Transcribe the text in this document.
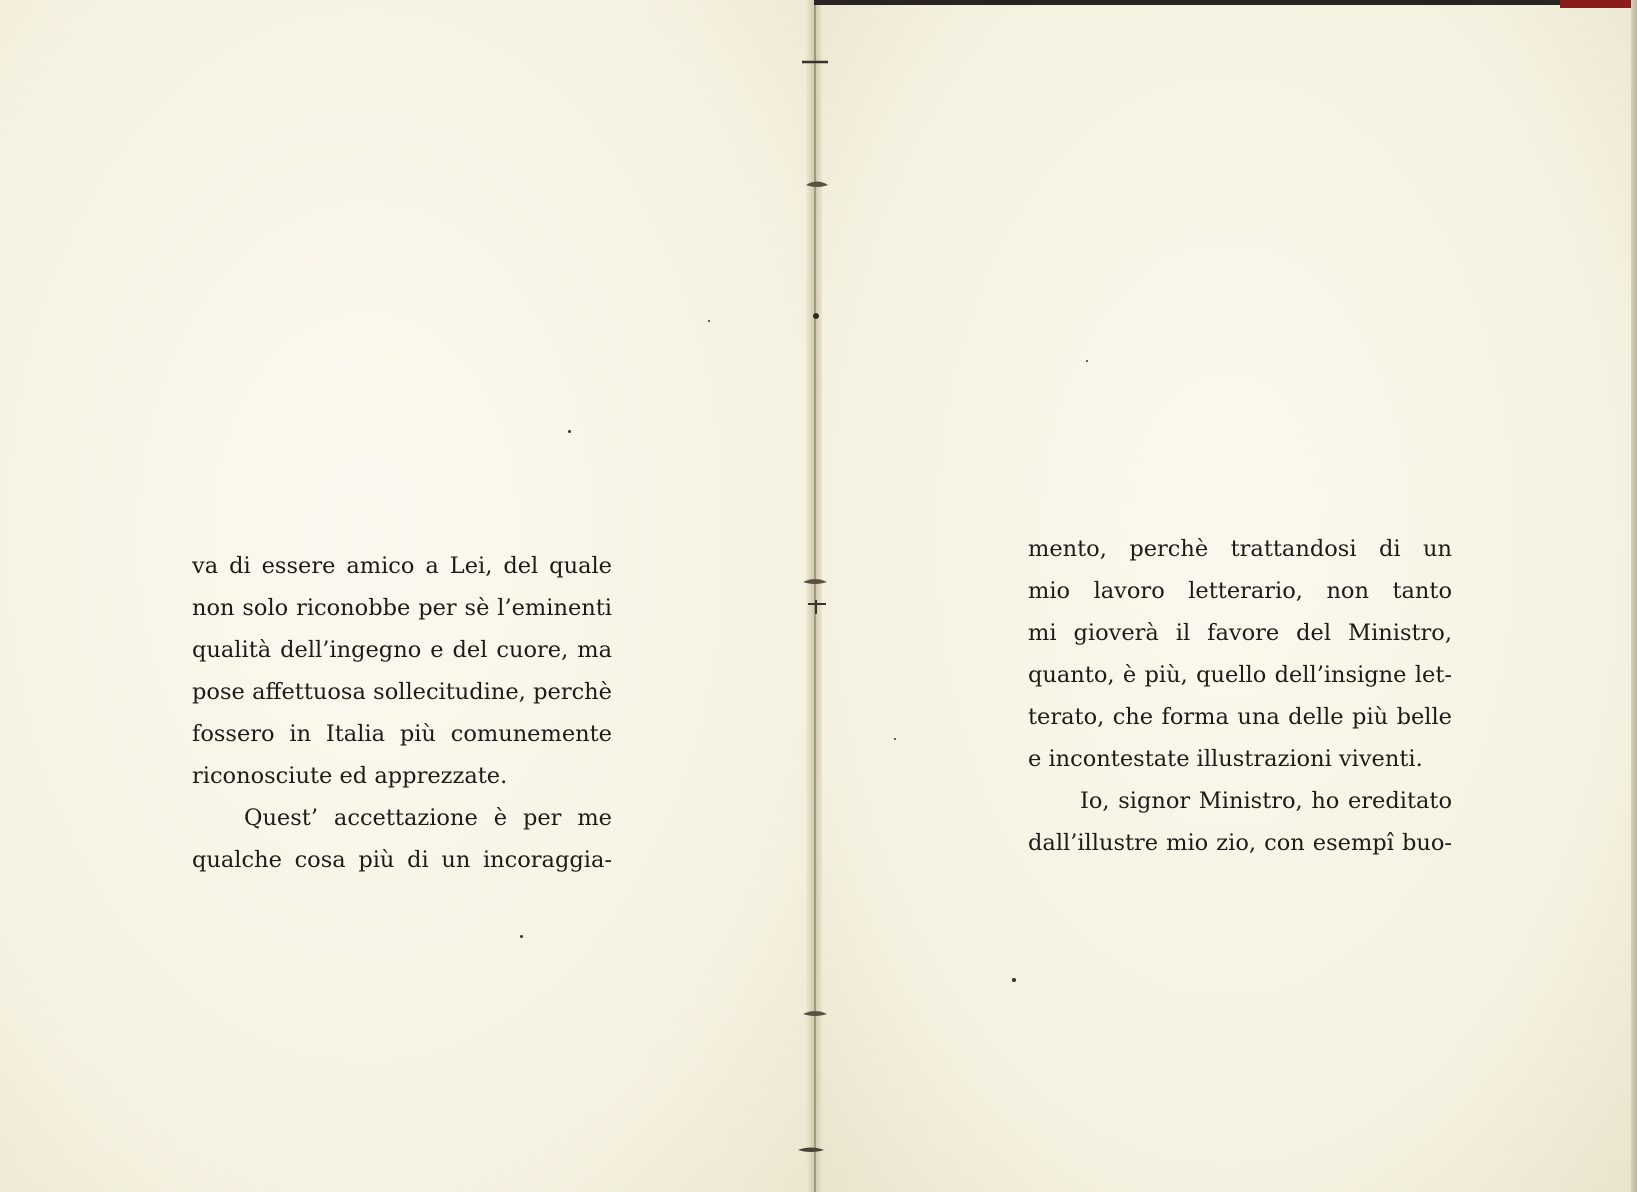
va di essere amico a Lei, del quale
non solo riconobbe per sè l’eminenti
qualità dell’ingegno e del cuore, ma
pose affettuosa sollecitudine, perchè
fossero in Italia più comunemente
riconosciute ed apprezzate.
Quest’ accettazione è per me
qualche cosa più di un incoraggia-
mento, perchè trattandosi di un
mio lavoro letterario, non tanto
mi gioverà il favore del Ministro,
quanto, è più, quello dell’insigne let-
terato, che forma una delle più belle
e incontestate illustrazioni viventi.
Io, signor Ministro, ho ereditato
dall’illustre mio zio, con esempî buo-
